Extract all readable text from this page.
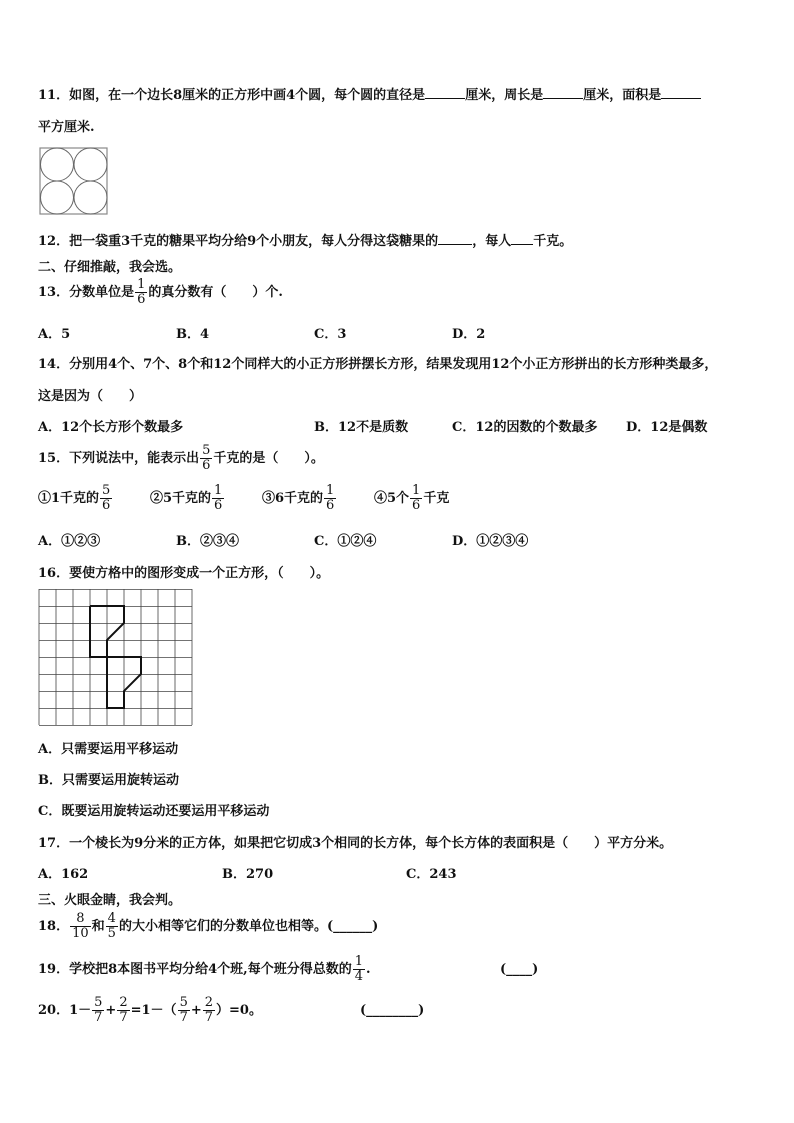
11．如图，在一个边长8厘米的正方形中画4个圆，每个圆的直径是	厘米，周长是	厘米，面积是
平方厘米.
12．把一袋重3千克的糖果平均分给9个小朋友，每人分得这袋糖果的	，每人 千克。
二、仔细推敲，我会选。
13．分数单位是 $\frac{1}{6}$ 的真分数有（　　）个.
A．5	B．4	C．3	D．2
14．分别用4个、7个、8个和12个同样大的小正方形拼摆长方形，结果发现用12个小正方形拼出的长方形种类最多，
这是因为（　　）
A．12个长方形个数最多	B．12不是质数	C．12的因数的个数最多 D．12是偶数
15．下列说法中，能表示出 $\frac{5}{6}$ 千克的是（　　）。
①1千克的 $\frac{5}{6}$	②5千克的 $\frac{1}{6}$	③6千克的 $\frac{1}{6}$	④5个 $\frac{1}{6}$ 千克
A．①②③	B．②③④	C．①②④	D．①②③④
16．要使方格中的图形变成一个正方形，（　　）。
A．只需要运用平移运动
B．只需要运用旋转运动
C．既要运用旋转运动还要运用平移运动
17．一个棱长为9分米的正方体，如果把它切成3个相同的长方体，每个长方体的表面积是（　　）平方分米。
A．162	B．270	C．243
三、火眼金睛，我会判。
18． $\frac{8}{10}$ 和 $\frac{4}{5}$ 的大小相等它们的分数单位也相等。(______)
19．学校把8本图书平均分给4个班,每个班分得总数的 $\frac{1}{4}$ .	(____)
20．$1- \frac{5}{7} + \frac{2}{7} =1-( \frac{5}{7} + \frac{2}{7} )=0$。	(________)
